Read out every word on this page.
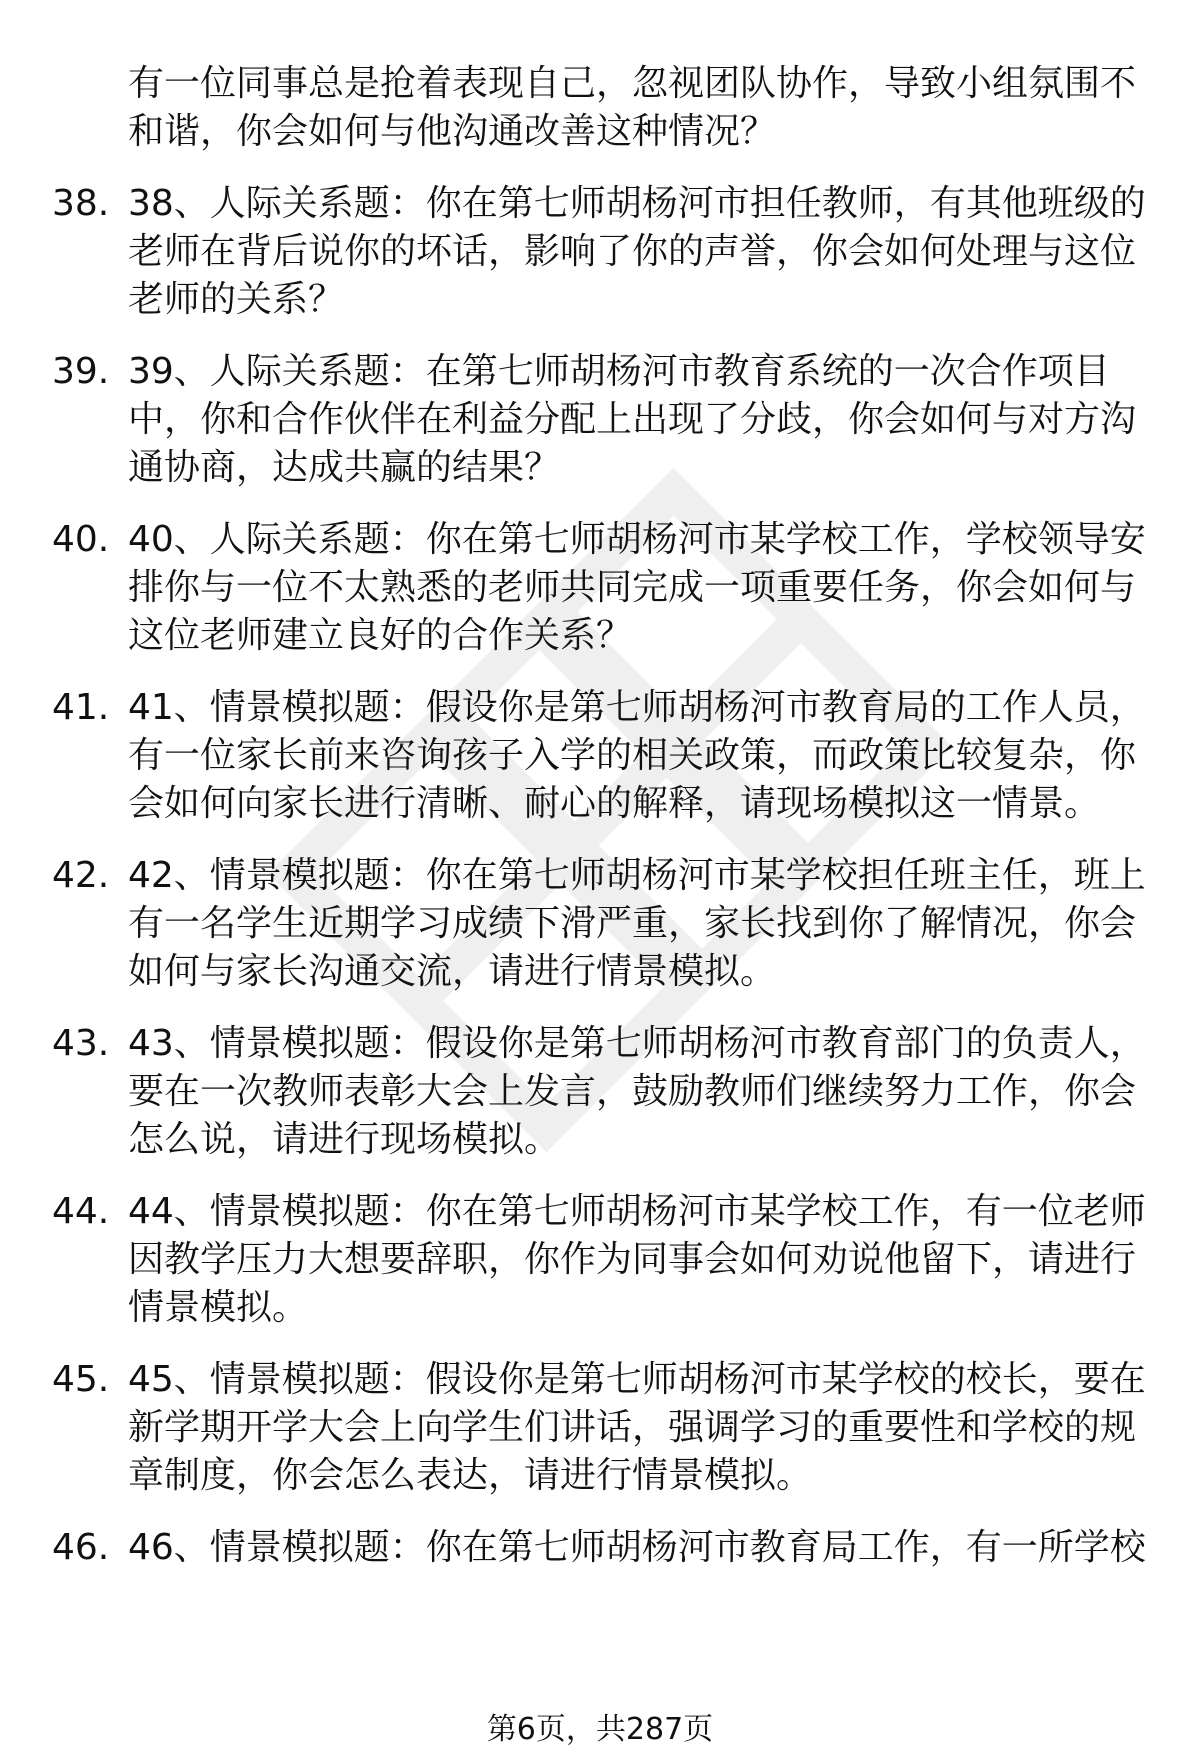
有一位同事总是抢着表现自己，忽视团队协作，导致小组氛围不
和谐，你会如何与他沟通改善这种情况？
38. 38、人际关系题：你在第七师胡杨河市担任教师，有其他班级的
老师在背后说你的坏话，影响了你的声誉，你会如何处理与这位
老师的关系？
39. 39、人际关系题：在第七师胡杨河市教育系统的一次合作项目
中，你和合作伙伴在利益分配上出现了分歧，你会如何与对方沟
通协商，达成共赢的结果？
40. 40、人际关系题：你在第七师胡杨河市某学校工作，学校领导安
排你与一位不太熟悉的老师共同完成一项重要任务，你会如何与
这位老师建立良好的合作关系？
41. 41、情景模拟题：假设你是第七师胡杨河市教育局的工作人员，
有一位家长前来咨询孩子入学的相关政策，而政策比较复杂，你
会如何向家长进行清晰、耐心的解释，请现场模拟这一情景。
42. 42、情景模拟题：你在第七师胡杨河市某学校担任班主任，班上
有一名学生近期学习成绩下滑严重，家长找到你了解情况，你会
如何与家长沟通交流，请进行情景模拟。
43. 43、情景模拟题：假设你是第七师胡杨河市教育部门的负责人，
要在一次教师表彰大会上发言，鼓励教师们继续努力工作，你会
怎么说，请进行现场模拟。
44. 44、情景模拟题：你在第七师胡杨河市某学校工作，有一位老师
因教学压力大想要辞职，你作为同事会如何劝说他留下，请进行
情景模拟。
45. 45、情景模拟题：假设你是第七师胡杨河市某学校的校长，要在
新学期开学大会上向学生们讲话，强调学习的重要性和学校的规
章制度，你会怎么表达，请进行情景模拟。
46. 46、情景模拟题：你在第七师胡杨河市教育局工作，有一所学校
第6页，共287页
